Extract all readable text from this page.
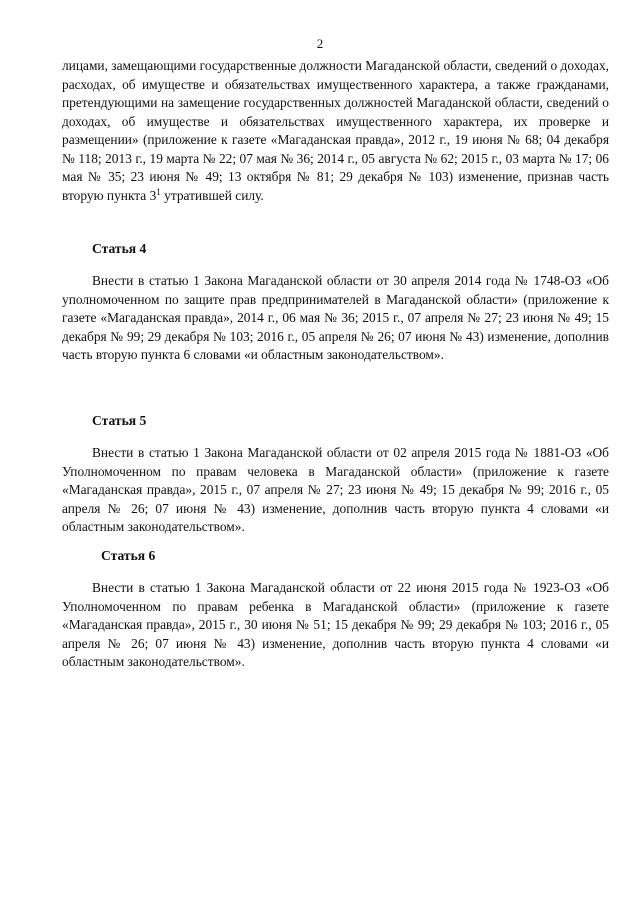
2

лицами, замещающими государственные должности Магаданской области, сведений о доходах, расходах, об имуществе и обязательствах имущественного характера, а также гражданами, претендующими на замещение государственных должностей Магаданской области, сведений о доходах, об имуществе и обязательствах имущественного характера, их проверке и размещении» (приложение к газете «Магаданская правда», 2012 г., 19 июня № 68; 04 декабря № 118; 2013 г., 19 марта № 22; 07 мая № 36; 2014 г., 05 августа № 62; 2015 г., 03 марта № 17; 06 мая № 35; 23 июня № 49; 13 октября № 81; 29 декабря № 103) изменение, признав часть вторую пункта $3^1$ утратившей силу.

Статья 4

Внести в статью 1 Закона Магаданской области от 30 апреля 2014 года № 1748-ОЗ «Об уполномоченном по защите прав предпринимателей в Магаданской области» (приложение к газете «Магаданская правда», 2014 г., 06 мая № 36; 2015 г., 07 апреля № 27; 23 июня № 49; 15 декабря № 99; 29 декабря № 103; 2016 г., 05 апреля № 26; 07 июня № 43) изменение, дополнив часть вторую пункта 6 словами «и областным законодательством».

Статья 5

Внести в статью 1 Закона Магаданской области от 02 апреля 2015 года № 1881-ОЗ «Об Уполномоченном по правам человека в Магаданской области» (приложение к газете «Магаданская правда», 2015 г., 07 апреля № 27; 23 июня № 49; 15 декабря № 99; 2016 г., 05 апреля № 26; 07 июня № 43) изменение, дополнив часть вторую пункта 4 словами «и областным законодательством».

Статья 6

Внести в статью 1 Закона Магаданской области от 22 июня 2015 года № 1923-ОЗ «Об Уполномоченном по правам ребенка в Магаданской области» (приложение к газете «Магаданская правда», 2015 г., 30 июня № 51; 15 декабря № 99; 29 декабря № 103; 2016 г., 05 апреля № 26; 07 июня № 43) изменение, дополнив часть вторую пункта 4 словами «и областным законодательством».
